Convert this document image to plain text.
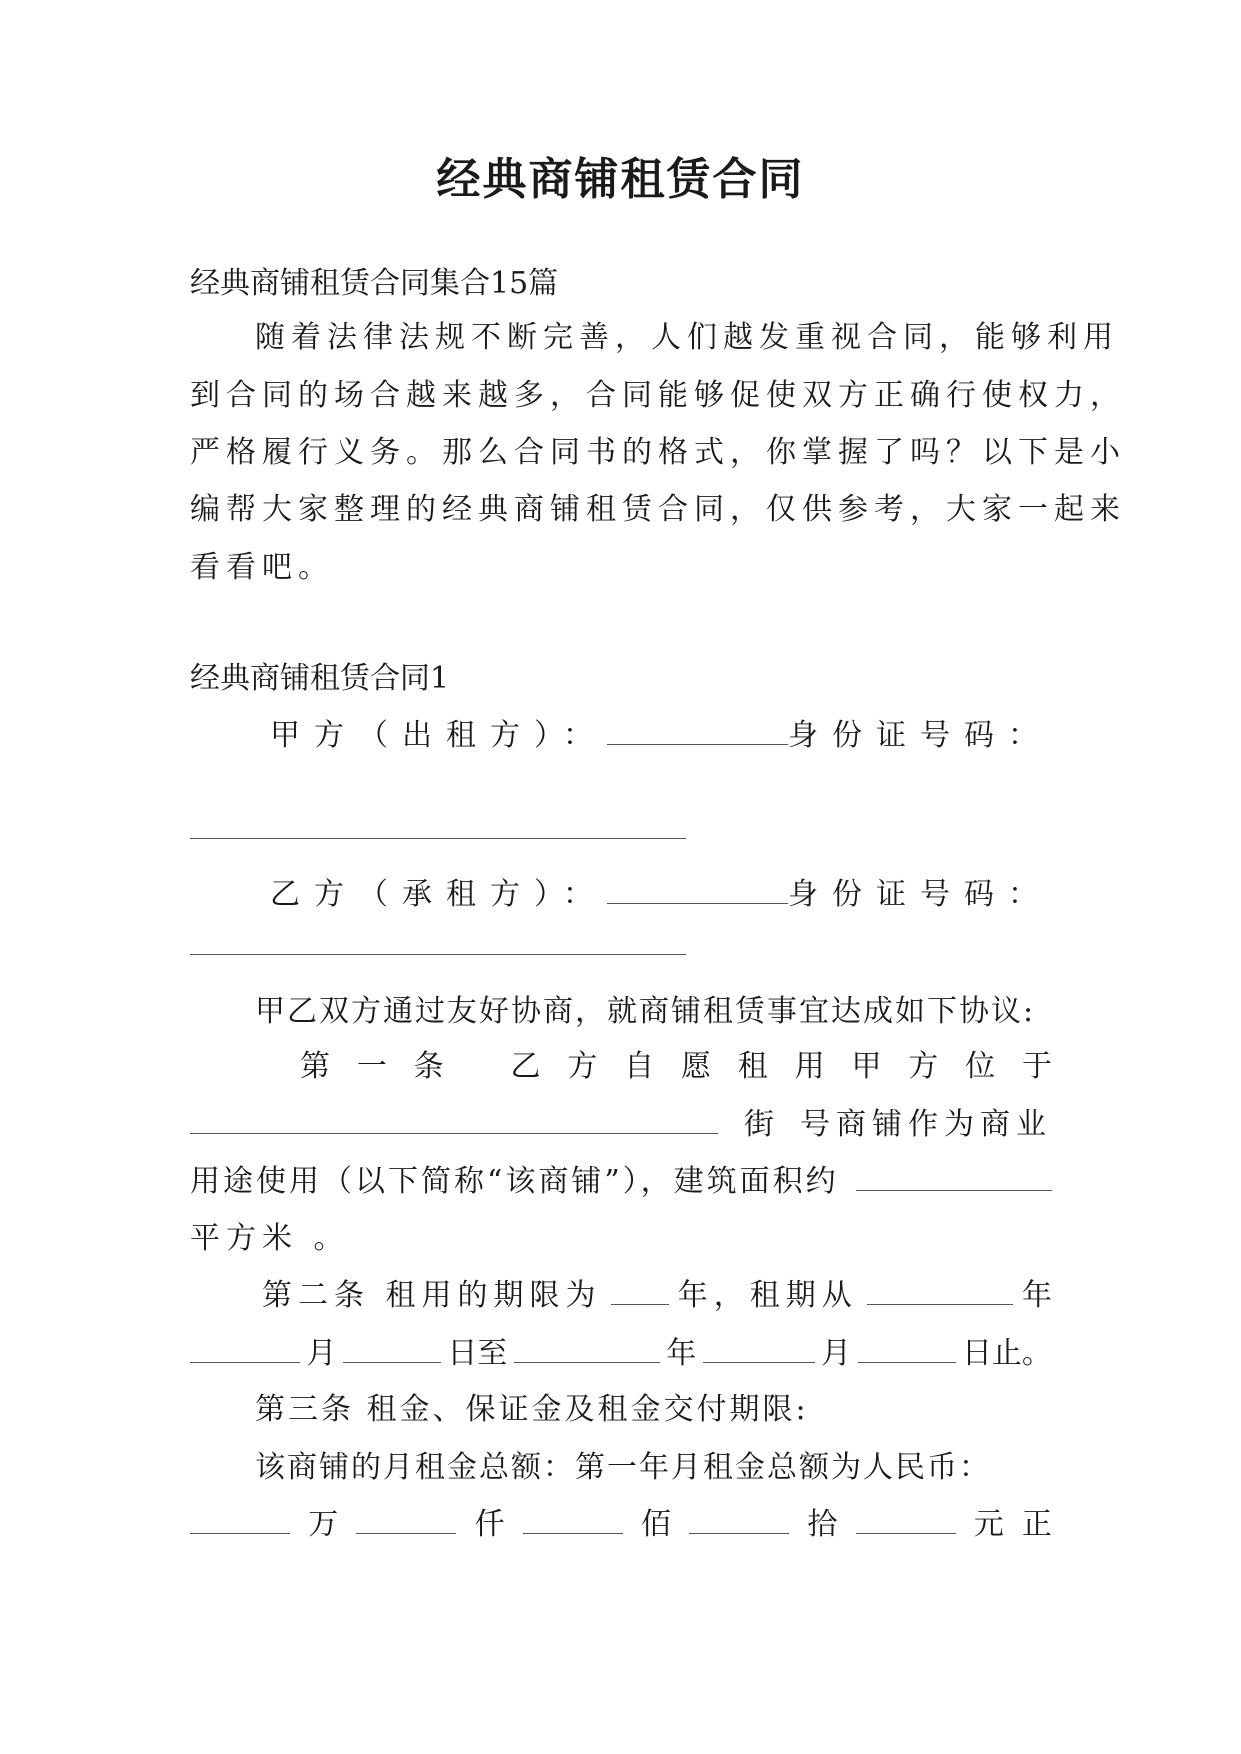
经典商铺租赁合同

经典商铺租赁合同集合15篇

随着法律法规不断完善，人们越发重视合同，能够利用

到合同的场合越来越多，合同能够促使双方正确行使权力，

严格履行义务。那么合同书的格式，你掌握了吗？以下是小

编帮大家整理的经典商铺租赁合同，仅供参考，大家一起来

看看吧。

经典商铺租赁合同1

甲方（出租方）：	身份证号码：
乙方（承租方）：	身份证号码：

甲乙双方通过友好协商，就商铺租赁事宜达成如下协议:

第 一 条 乙 方 自 愿 租 用 甲 方 位 于
街 号商铺作为商业
用途使用（以下简称“该商铺”），建筑面积约

平方米 。

第二条 租用的期限为	年，租期从	年
月	日至	年	月	日止。

第三条 租金、保证金及租金交付期限:

该商铺的月租金总额：第一年月租金总额为人民币：

万	仟	佰	拾	元 正
